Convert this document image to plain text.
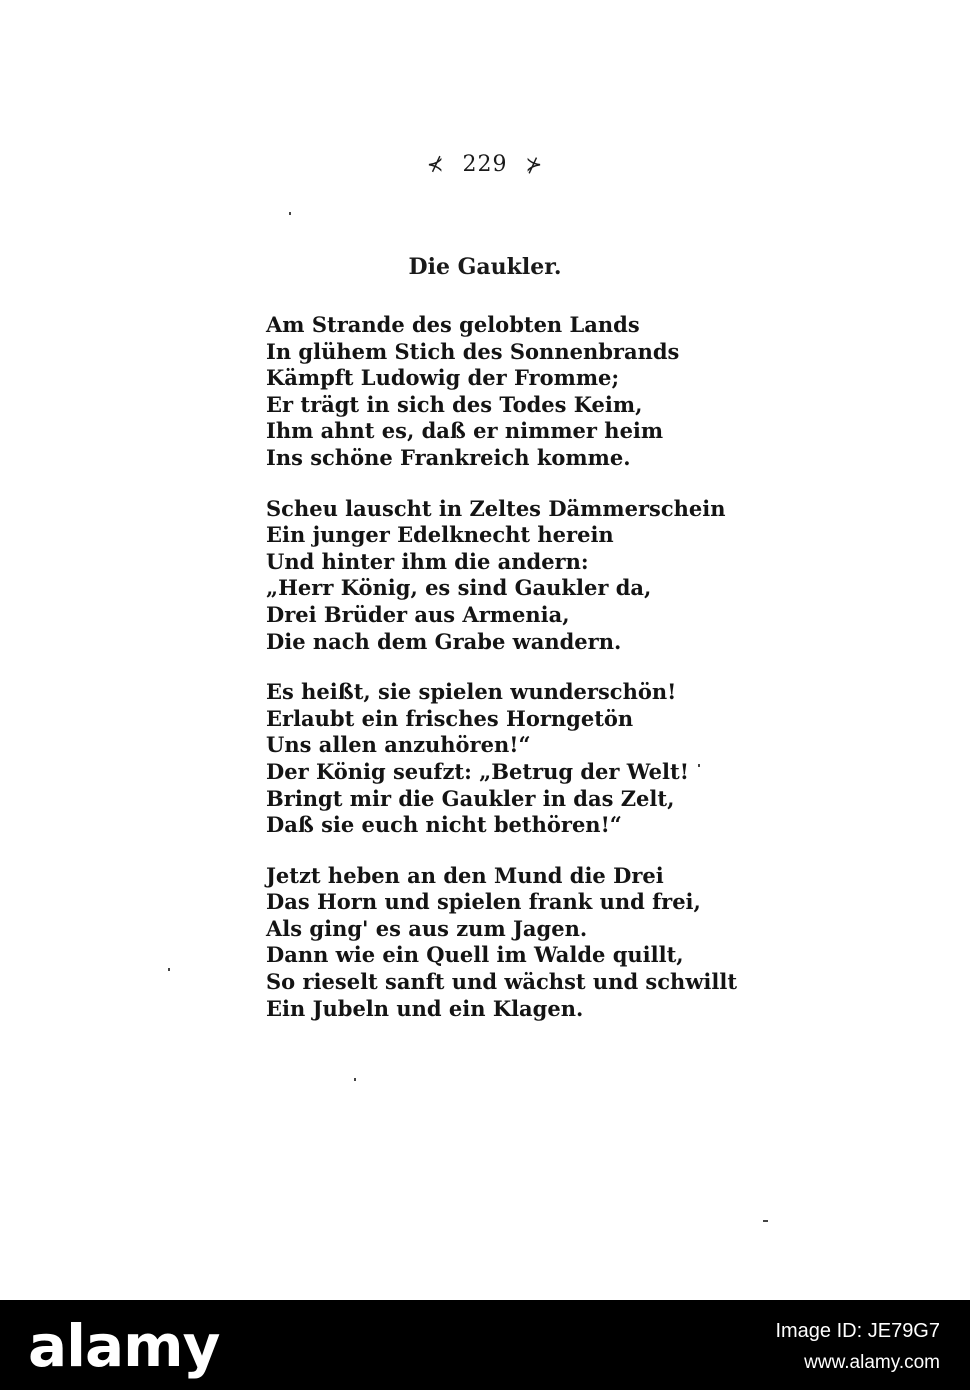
⊀ 229 ⊁
Die Gaukler.
Am Strande des gelobten Lands
In glühem Stich des Sonnenbrands
Kämpft Ludowig der Fromme;
Er trägt in sich des Todes Keim,
Ihm ahnt es, daß er nimmer heim
Ins schöne Frankreich komme.
Scheu lauscht in Zeltes Dämmerschein
Ein junger Edelknecht herein
Und hinter ihm die andern:
„Herr König, es sind Gaukler da,
Drei Brüder aus Armenia,
Die nach dem Grabe wandern.
Es heißt, sie spielen wunderschön!
Erlaubt ein frisches Horngetön
Uns allen anzuhören!“
Der König seufzt: „Betrug der Welt!
Bringt mir die Gaukler in das Zelt,
Daß sie euch nicht bethören!“
Jetzt heben an den Mund die Drei
Das Horn und spielen frank und frei,
Als ging' es aus zum Jagen.
Dann wie ein Quell im Walde quillt,
So rieselt sanft und wächst und schwillt
Ein Jubeln und ein Klagen.
alamy	Image ID: JE79G7
www.alamy.com
